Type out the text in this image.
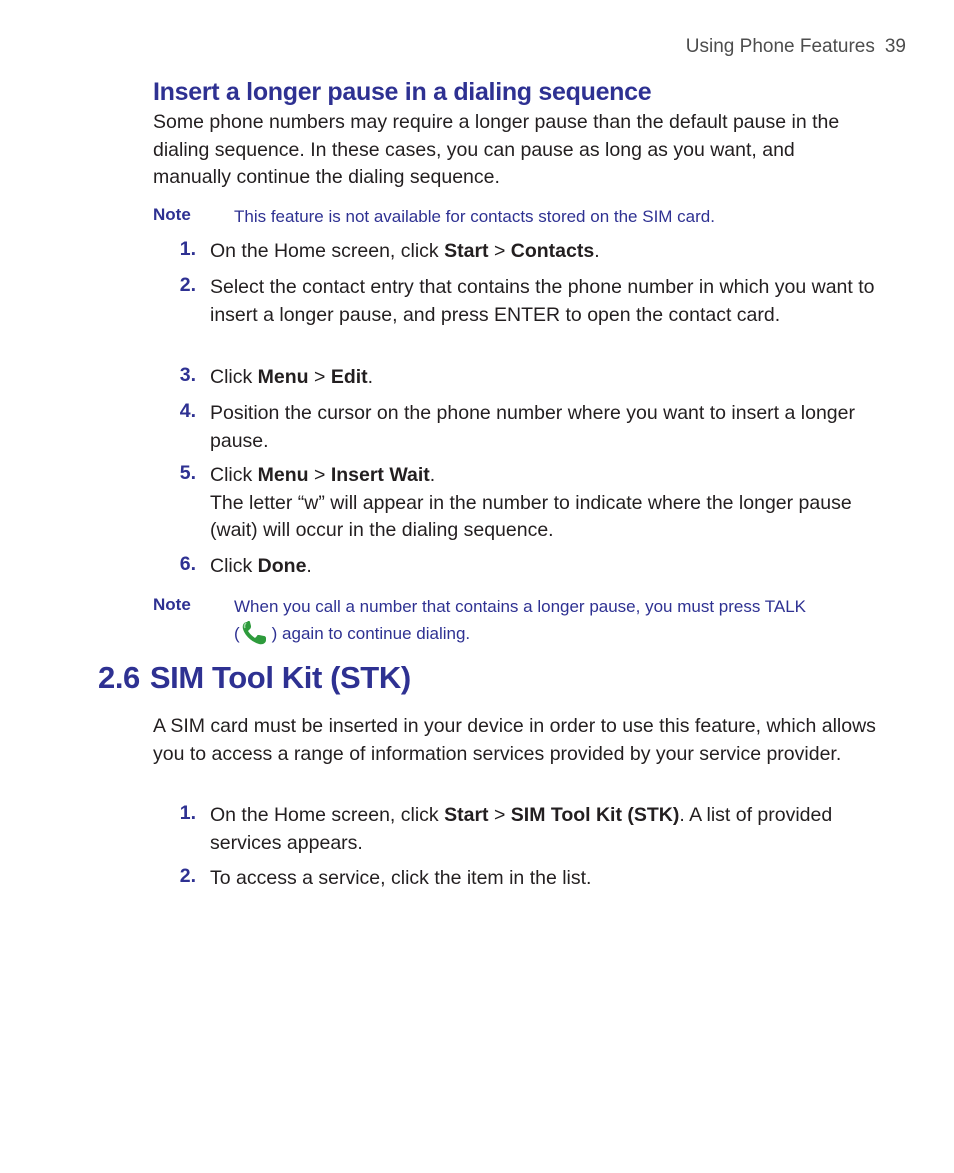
Using Phone Features 39
Insert a longer pause in a dialing sequence
Some phone numbers may require a longer pause than the default pause in the dialing sequence. In these cases, you can pause as long as you want, and manually continue the dialing sequence.
Note	This feature is not available for contacts stored on the SIM card.
1. On the Home screen, click Start > Contacts.
2. Select the contact entry that contains the phone number in which you want to insert a longer pause, and press ENTER to open the contact card.
3. Click Menu > Edit.
4. Position the cursor on the phone number where you want to insert a longer pause.
5. Click Menu > Insert Wait.
The letter “w” will appear in the number to indicate where the longer pause (wait) will occur in the dialing sequence.
6. Click Done.
Note	When you call a number that contains a longer pause, you must press TALK
( ) again to continue dialing.
2.6 SIM Tool Kit (STK)
A SIM card must be inserted in your device in order to use this feature, which allows you to access a range of information services provided by your service provider.
1. On the Home screen, click Start > SIM Tool Kit (STK). A list of provided services appears.
2. To access a service, click the item in the list.
